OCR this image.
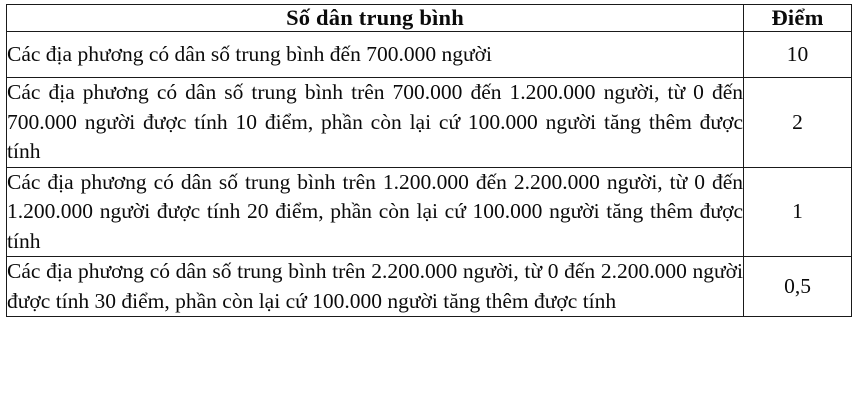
Số dân trung bình	Điểm
Các địa phương có dân số trung bình đến 700.000 người	10
Các địa phương có dân số trung bình trên 700.000 đến 1.200.000 người, từ 0 đến 700.000 người được tính 10 điểm, phần còn lại cứ 100.000 người tăng thêm được tính	2
Các địa phương có dân số trung bình trên 1.200.000 đến 2.200.000 người, từ 0 đến 1.200.000 người được tính 20 điểm, phần còn lại cứ 100.000 người tăng thêm được tính	1
Các địa phương có dân số trung bình trên 2.200.000 người, từ 0 đến 2.200.000 người được tính 30 điểm, phần còn lại cứ 100.000 người tăng thêm được tính	0,5
